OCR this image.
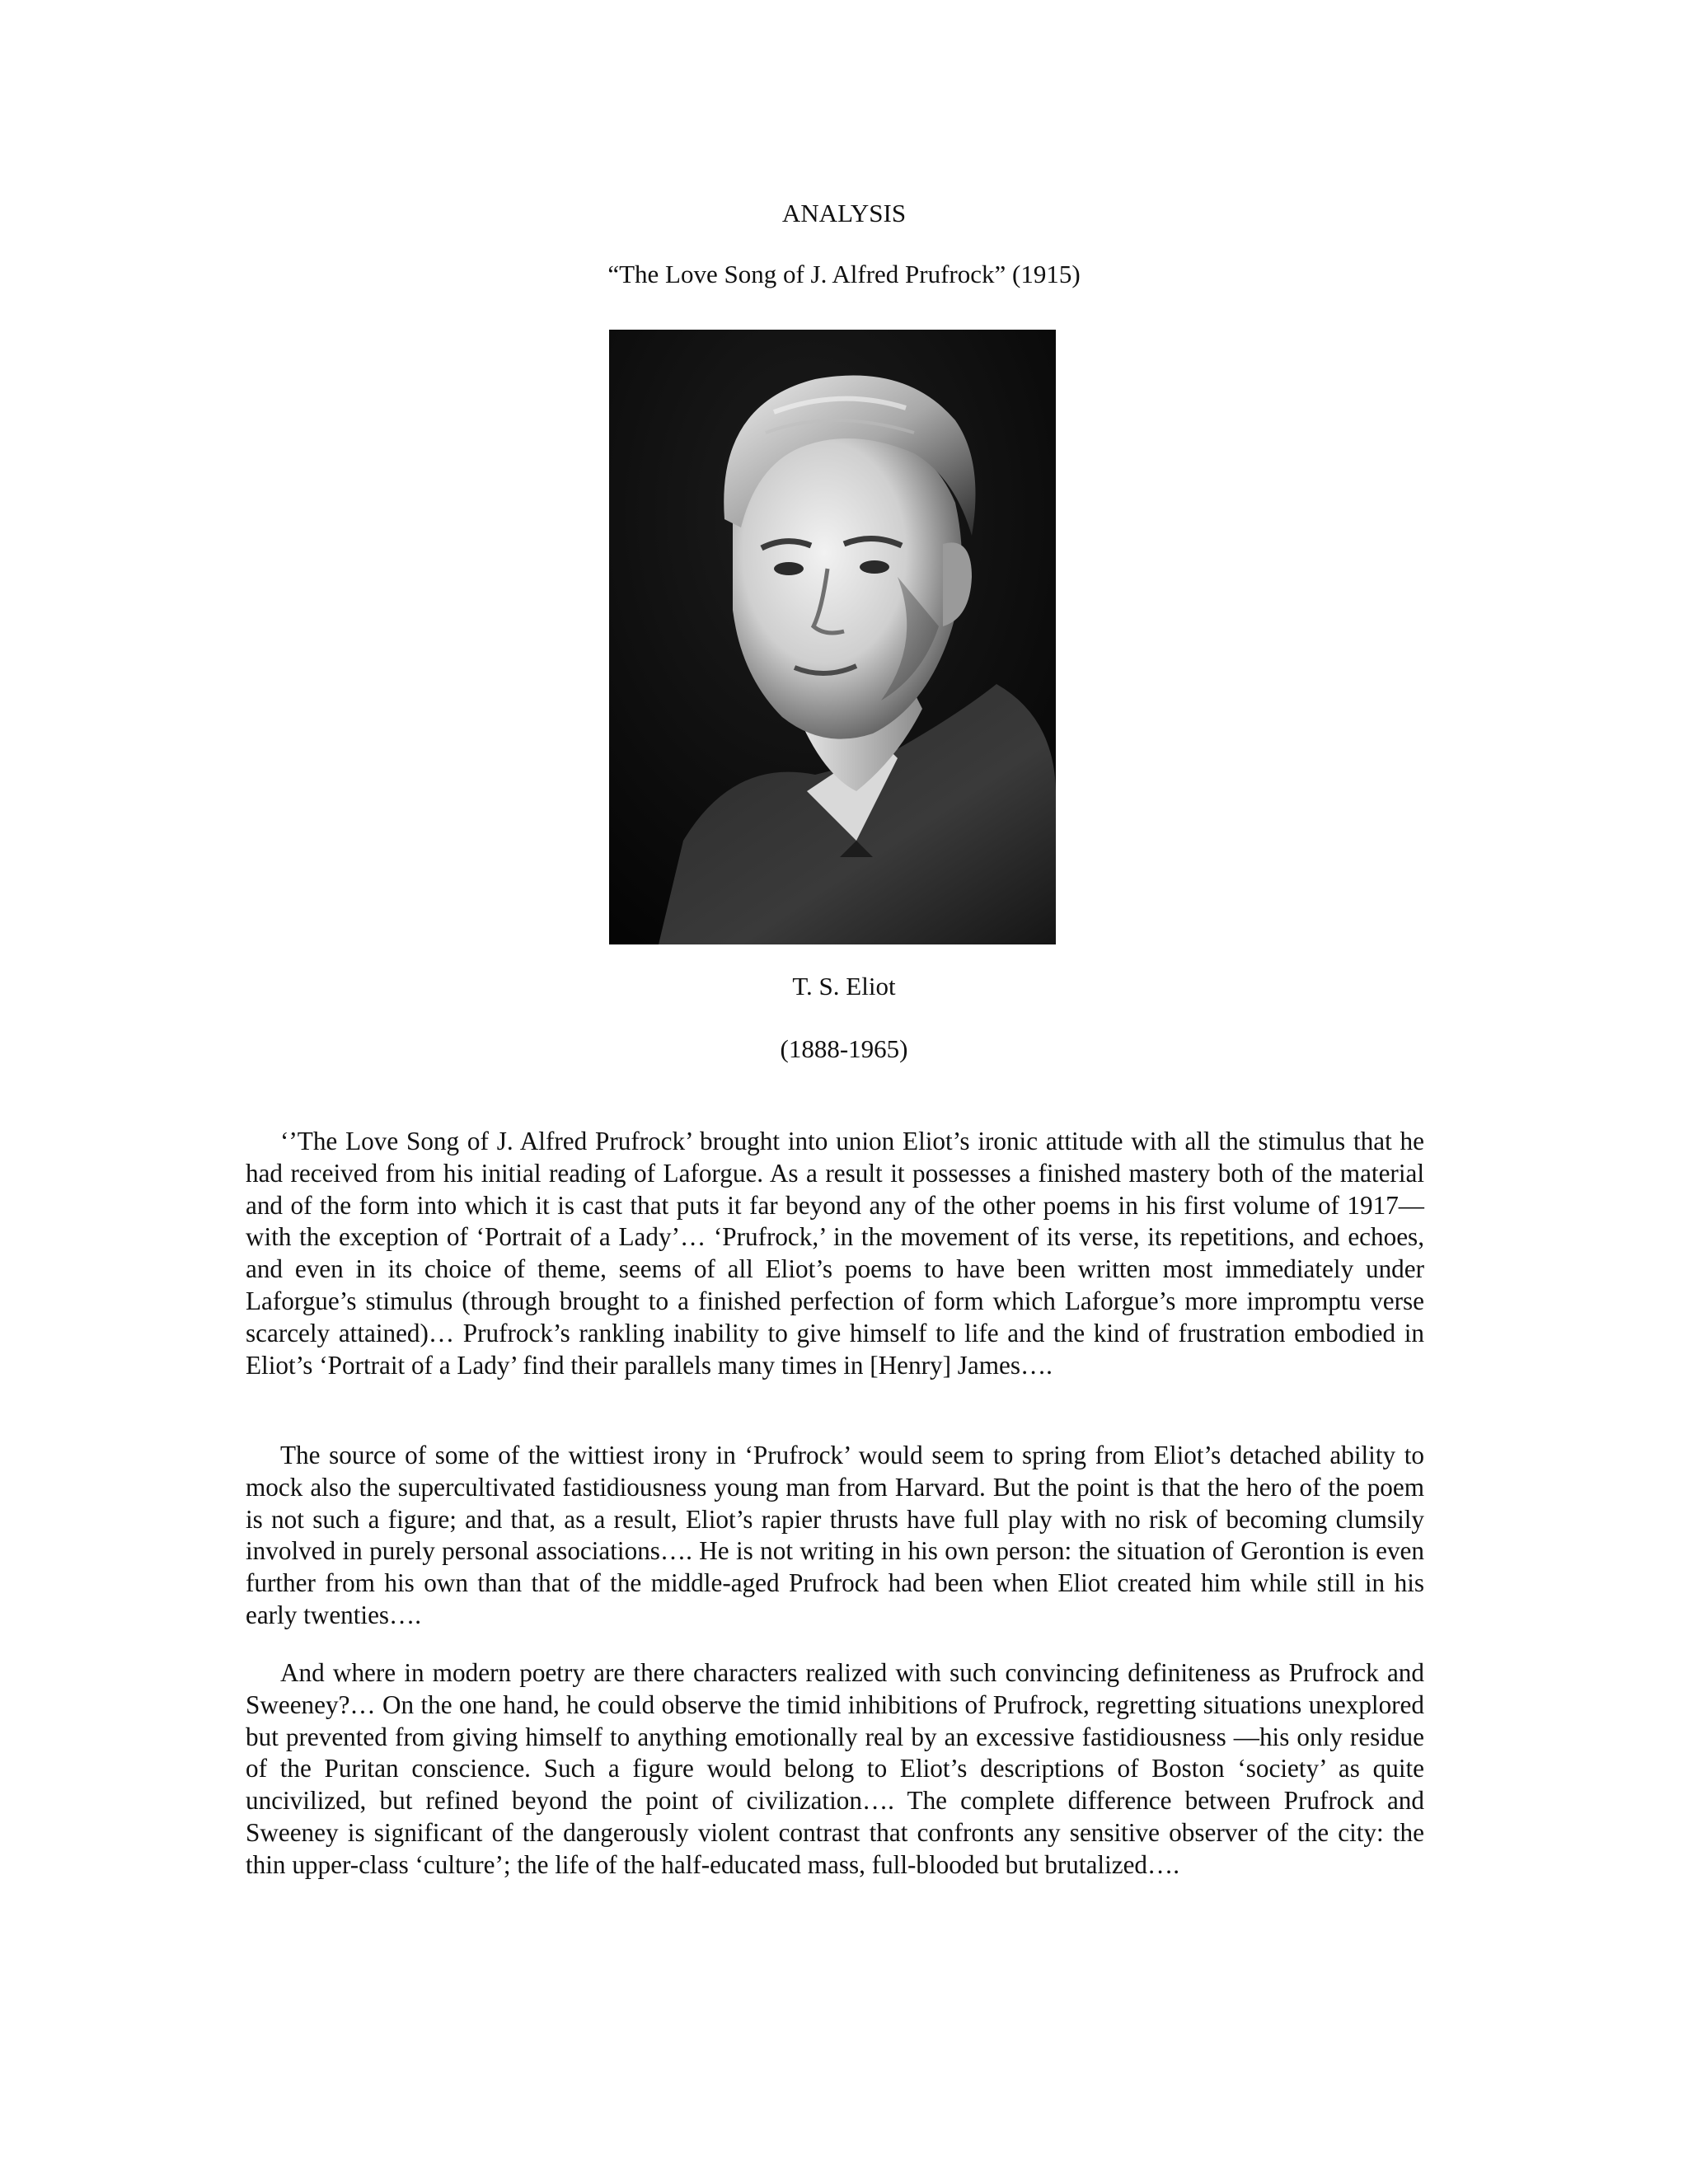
ANALYSIS
“The Love Song of J. Alfred Prufrock” (1915)
T. S. Eliot
(1888-1965)

‘’The Love Song of J. Alfred Prufrock’ brought into union Eliot’s ironic attitude with all the stimulus that he had received from his initial reading of Laforgue. As a result it possesses a finished mastery both of the material and of the form into which it is cast that puts it far beyond any of the other poems in his first volume of 1917—with the exception of ‘Portrait of a Lady’… ‘Prufrock,’ in the movement of its verse, its repetitions, and echoes, and even in its choice of theme, seems of all Eliot’s poems to have been written most immediately under Laforgue’s stimulus (through brought to a finished perfection of form which Laforgue’s more impromptu verse scarcely attained)… Prufrock’s rankling inability to give himself to life and the kind of frustration embodied in Eliot’s ‘Portrait of a Lady’ find their parallels many times in [Henry] James….

The source of some of the wittiest irony in ‘Prufrock’ would seem to spring from Eliot’s detached ability to mock also the supercultivated fastidiousness young man from Harvard. But the point is that the hero of the poem is not such a figure; and that, as a result, Eliot’s rapier thrusts have full play with no risk of becoming clumsily involved in purely personal associations…. He is not writing in his own person: the situation of Gerontion is even further from his own than that of the middle-aged Prufrock had been when Eliot created him while still in his early twenties….

And where in modern poetry are there characters realized with such convincing definiteness as Prufrock and Sweeney?… On the one hand, he could observe the timid inhibitions of Prufrock, regretting situations unexplored but prevented from giving himself to anything emotionally real by an excessive fastidiousness —his only residue of the Puritan conscience. Such a figure would belong to Eliot’s descriptions of Boston ‘society’ as quite uncivilized, but refined beyond the point of civilization…. The complete difference between Prufrock and Sweeney is significant of the dangerously violent contrast that confronts any sensitive observer of the city: the thin upper-class ‘culture’; the life of the half-educated mass, full-blooded but brutalized….
